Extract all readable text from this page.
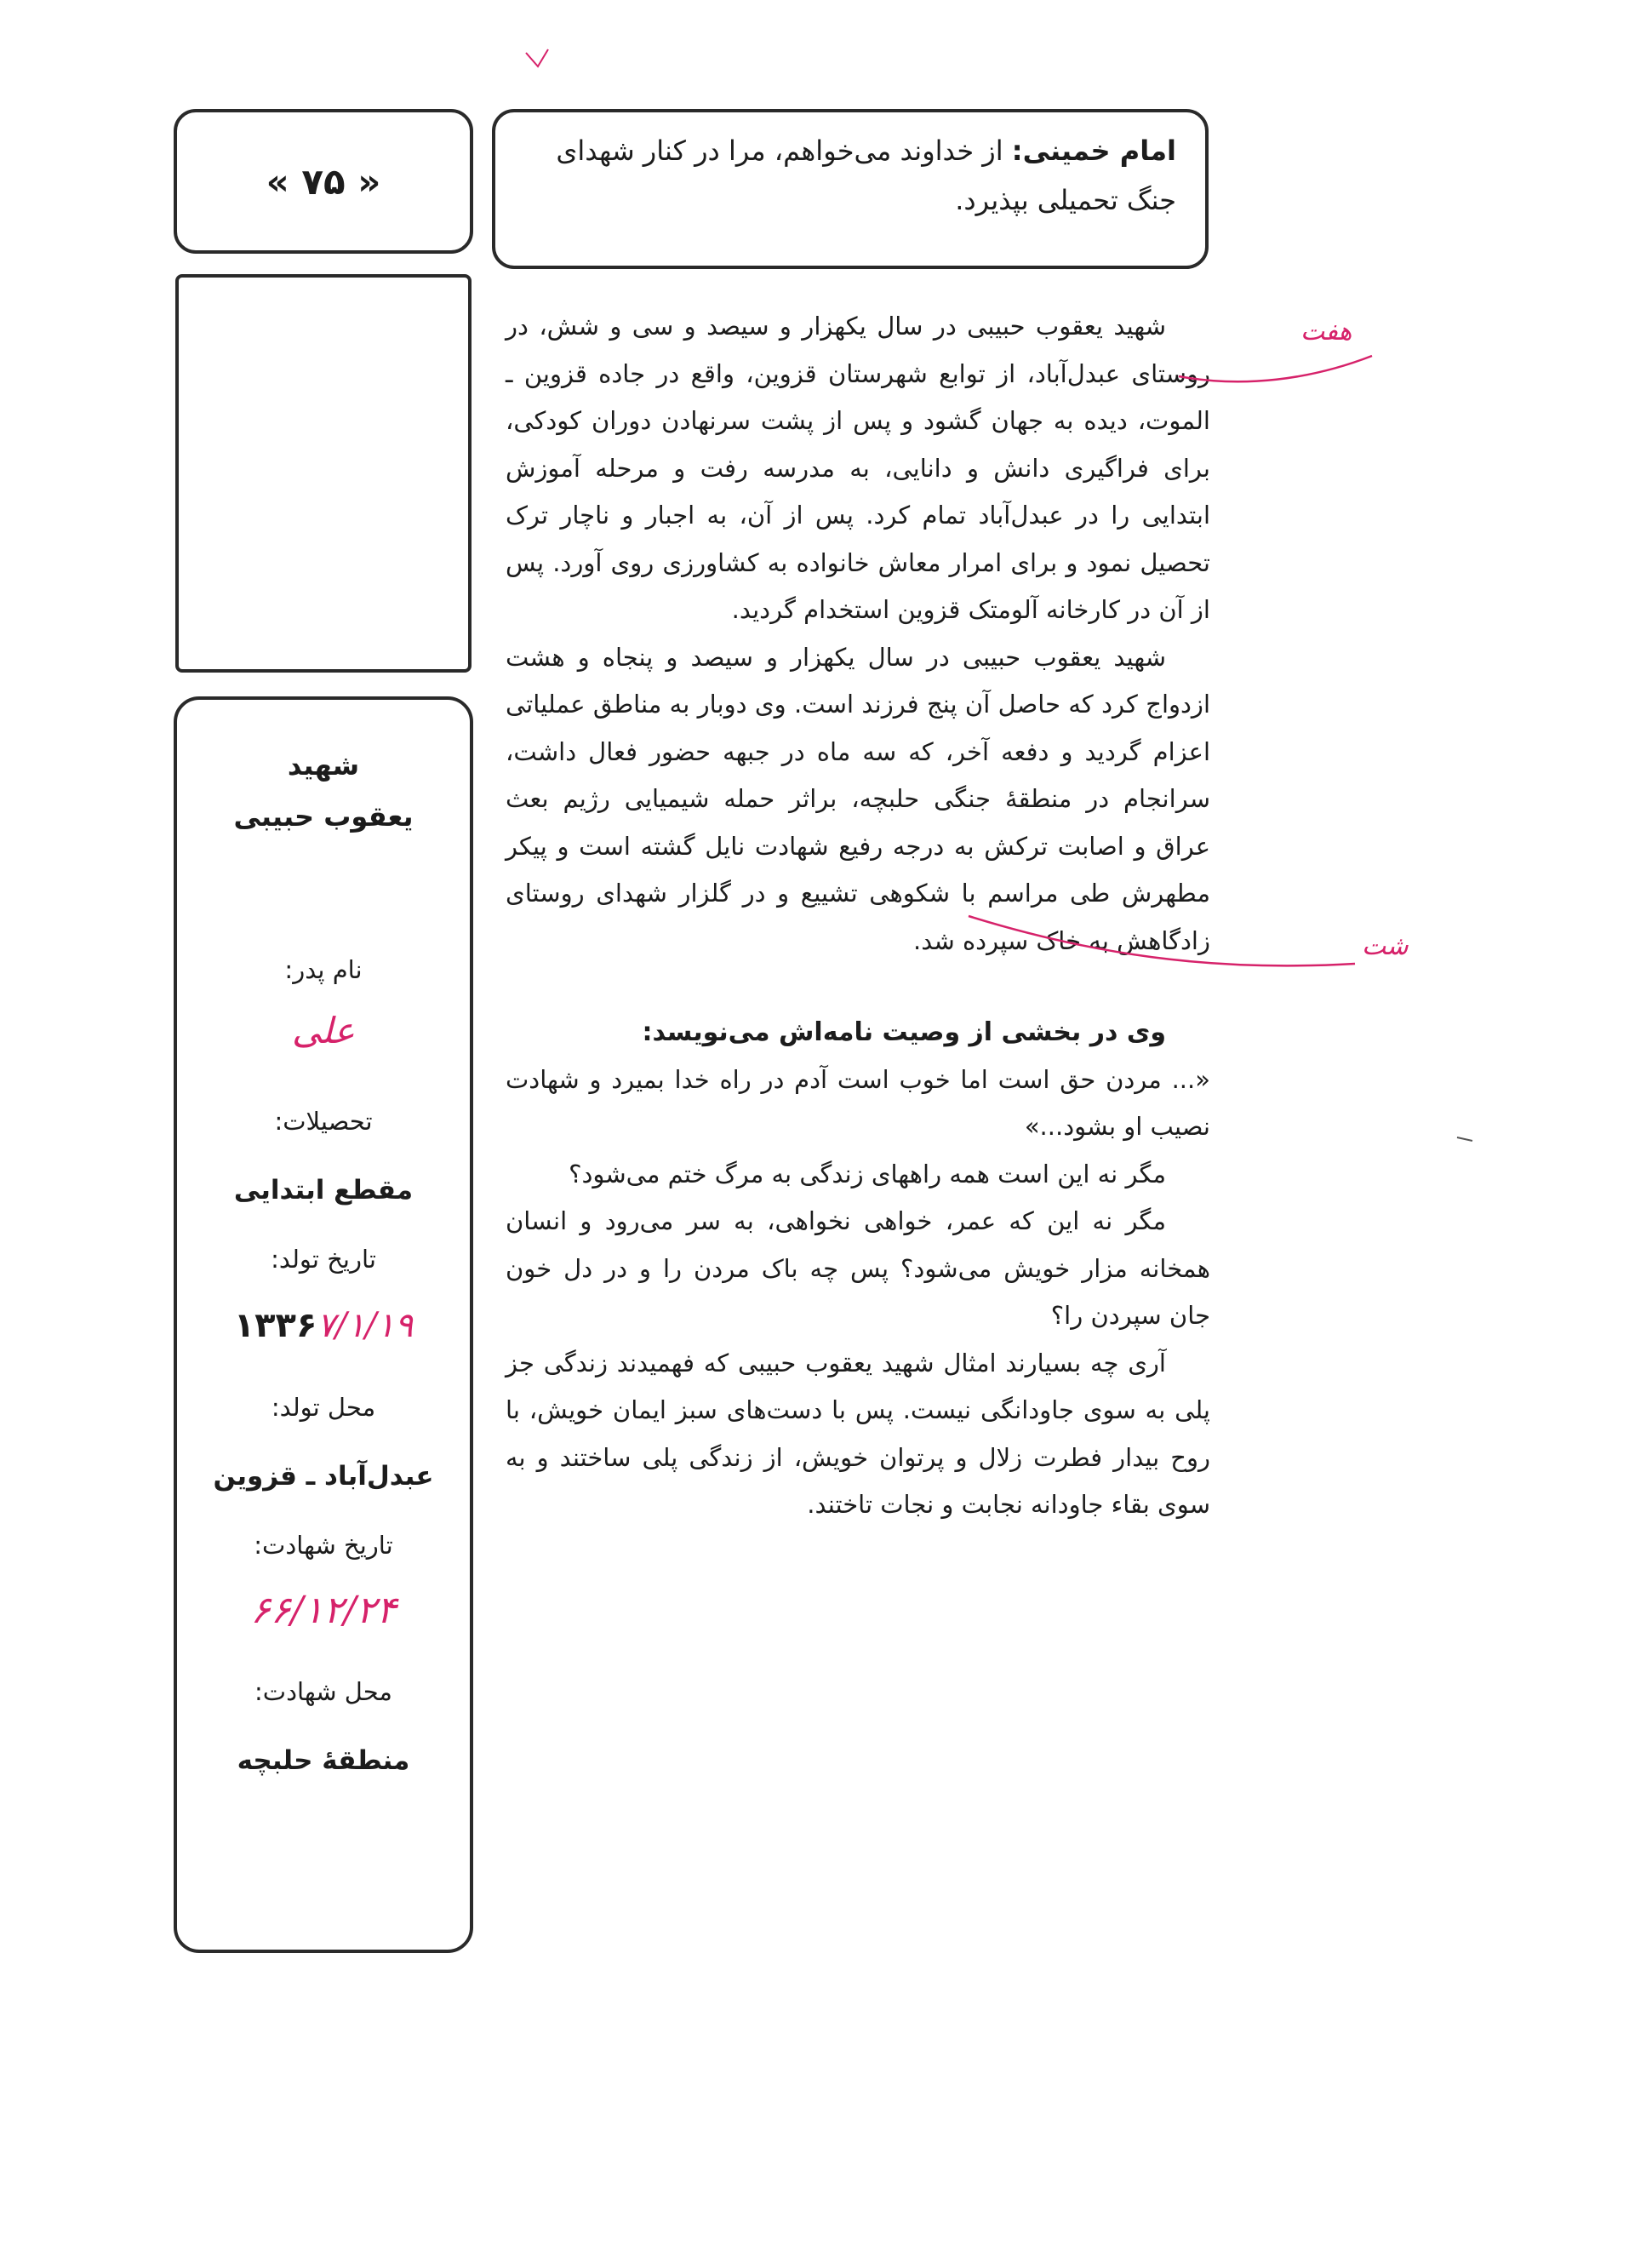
امام خمینی: از خداوند می‌خواهم، مرا در کنار شهدای جنگ تحمیلی بپذیرد.
« ۷۵ »
شهید
یعقوب حبیبی
نام پدر:
علی
تحصیلات:
مقطع ابتدایی
تاریخ تولد:
۱۳۳۶۷/۱/۱۹
محل تولد:
عبدل‌آباد ـ قزوین
تاریخ شهادت:
۶۶/۱۲/۲۴
محل شهادت:
منطقهٔ حلبچه

شهید یعقوب حبیبی در سال یکهزار و سیصد و سی و شش، در روستای عبدل‌آباد، از توابع شهرستان قزوین، واقع در جاده قزوین ـ الموت، دیده به جهان گشود و پس از پشت سرنهادن دوران کودکی، برای فراگیری دانش و دانایی، به مدرسه رفت و مرحله آموزش ابتدایی را در عبدل‌آباد تمام کرد. پس از آن، به اجبار و ناچار ترک تحصیل نمود و برای امرار معاش خانواده به کشاورزی روی آورد. پس از آن در کارخانه آلومتک قزوین استخدام گردید.

شهید یعقوب حبیبی در سال یکهزار و سیصد و پنجاه و هشت ازدواج کرد که حاصل آن پنج فرزند است. وی دوبار به مناطق عملیاتی اعزام گردید و دفعه آخر، که سه ماه در جبهه حضور فعال داشت، سرانجام در منطقهٔ جنگی حلبچه، براثر حمله شیمیایی رژیم بعث عراق و اصابت ترکش به درجه رفیع شهادت نایل گشته است و پیکر مطهرش طی مراسم با شکوهی تشییع و در گلزار شهدای روستای زادگاهش به خاک سپرده شد.

وی در بخشی از وصیت نامه‌اش می‌نویسد:

«... مردن حق است اما خوب است آدم در راه خدا بمیرد و شهادت نصیب او بشود...»

مگر نه این است همه راههای زندگی به مرگ ختم می‌شود؟

مگر نه این که عمر، خواهی نخواهی، به سر می‌رود و انسان همخانه مزار خویش می‌شود؟ پس چه باک مردن را و در دل خون جان سپردن را؟

آری چه بسیارند امثال شهید یعقوب حبیبی که فهمیدند زندگی جز پلی به سوی جاودانگی نیست. پس با دست‌های سبز ایمان خویش، با روح بیدار فطرت زلال و پرتوان خویش، از زندگی پلی ساختند و به سوی بقاء جاودانه نجابت و نجات تاختند.

هفت
شت
